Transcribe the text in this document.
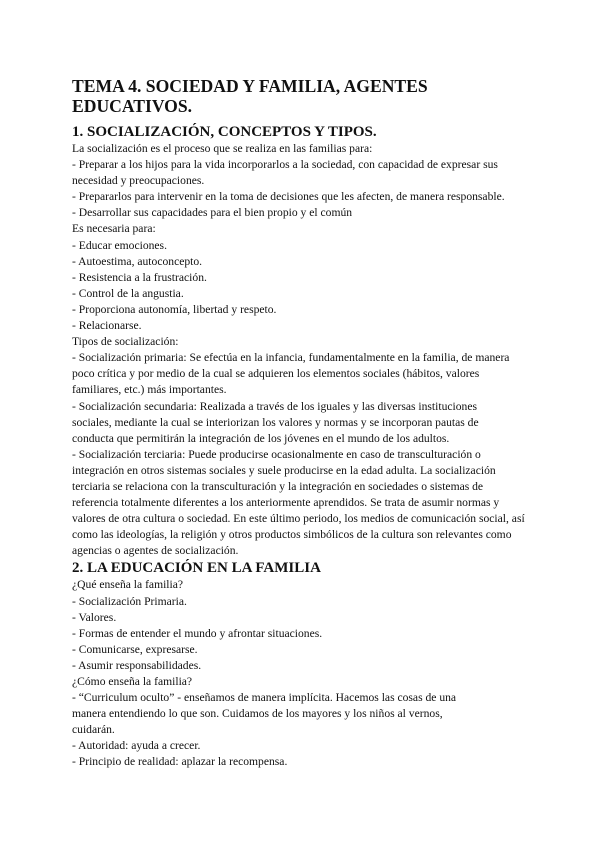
TEMA 4. SOCIEDAD Y FAMILIA, AGENTES EDUCATIVOS.
1. SOCIALIZACIÓN, CONCEPTOS Y TIPOS.

La socialización es el proceso que se realiza en las familias para:

- Preparar a los hijos para la vida incorporarlos a la sociedad, con capacidad de expresar sus necesidad y preocupaciones.

- Prepararlos para intervenir en la toma de decisiones que les afecten, de manera responsable.

- Desarrollar sus capacidades para el bien propio y el común

Es necesaria para:

- Educar emociones.

- Autoestima, autoconcepto.

- Resistencia a la frustración.

- Control de la angustia.

- Proporciona autonomía, libertad y respeto.

- Relacionarse.

Tipos de socialización:

- Socialización primaria: Se efectúa en la infancia, fundamentalmente en la familia, de manera poco crítica y por medio de la cual se adquieren los elementos sociales (hábitos, valores familiares, etc.) más importantes.

- Socialización secundaria: Realizada a través de los iguales y las diversas instituciones sociales, mediante la cual se interiorizan los valores y normas y se incorporan pautas de conducta que permitirán la integración de los jóvenes en el mundo de los adultos.

- Socialización terciaria: Puede producirse ocasionalmente en caso de transculturación o integración en otros sistemas sociales y suele producirse en la edad adulta. La socialización terciaria se relaciona con la transculturación y la integración en sociedades o sistemas de referencia totalmente diferentes a los anteriormente aprendidos. Se trata de asumir normas y valores de otra cultura o sociedad. En este último periodo, los medios de comunicación social, así como las ideologías, la religión y otros productos simbólicos de la cultura son relevantes como agencias o agentes de socialización.

2. LA EDUCACIÓN EN LA FAMILIA

¿Qué enseña la familia?

- Socialización Primaria.

- Valores.

- Formas de entender el mundo y afrontar situaciones.

- Comunicarse, expresarse.

- Asumir responsabilidades.

¿Cómo enseña la familia?

- “Curriculum oculto” - enseñamos de manera implícita. Hacemos las cosas de una manera entendiendo lo que son. Cuidamos de los mayores y los niños al vernos, cuidarán.

- Autoridad: ayuda a crecer.

- Principio de realidad: aplazar la recompensa.
